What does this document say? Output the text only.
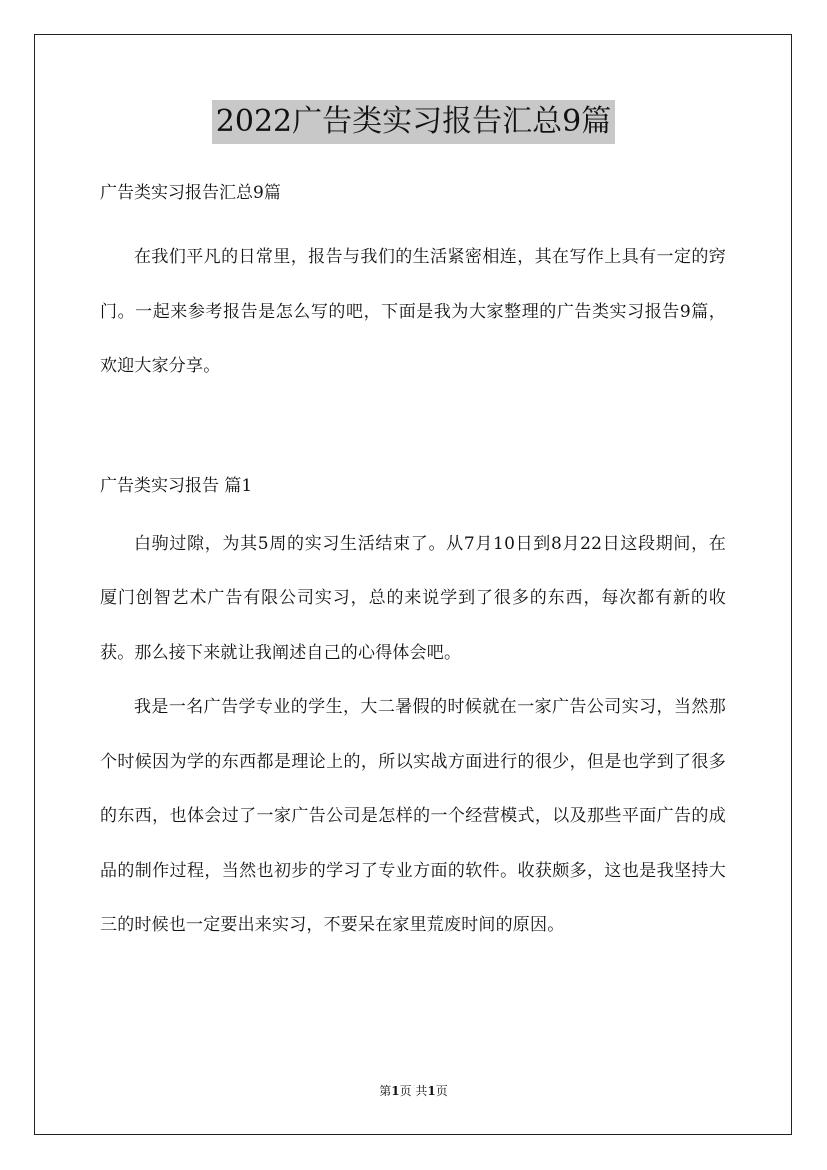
2022广告类实习报告汇总9篇

广告类实习报告汇总9篇

在我们平凡的日常里，报告与我们的生活紧密相连，其在写作上具有一定的窍门。一起来参考报告是怎么写的吧，下面是我为大家整理的广告类实习报告9篇，欢迎大家分享。

广告类实习报告 篇1

白驹过隙，为其5周的实习生活结束了。从7月10日到8月22日这段期间，在厦门创智艺术广告有限公司实习，总的来说学到了很多的东西，每次都有新的收获。那么接下来就让我阐述自己的心得体会吧。

我是一名广告学专业的学生，大二暑假的时候就在一家广告公司实习，当然那个时候因为学的东西都是理论上的，所以实战方面进行的很少，但是也学到了很多的东西，也体会过了一家广告公司是怎样的一个经营模式，以及那些平面广告的成品的制作过程，当然也初步的学习了专业方面的软件。收获颇多，这也是我坚持大三的时候也一定要出来实习，不要呆在家里荒废时间的原因。

第1页 共1页
